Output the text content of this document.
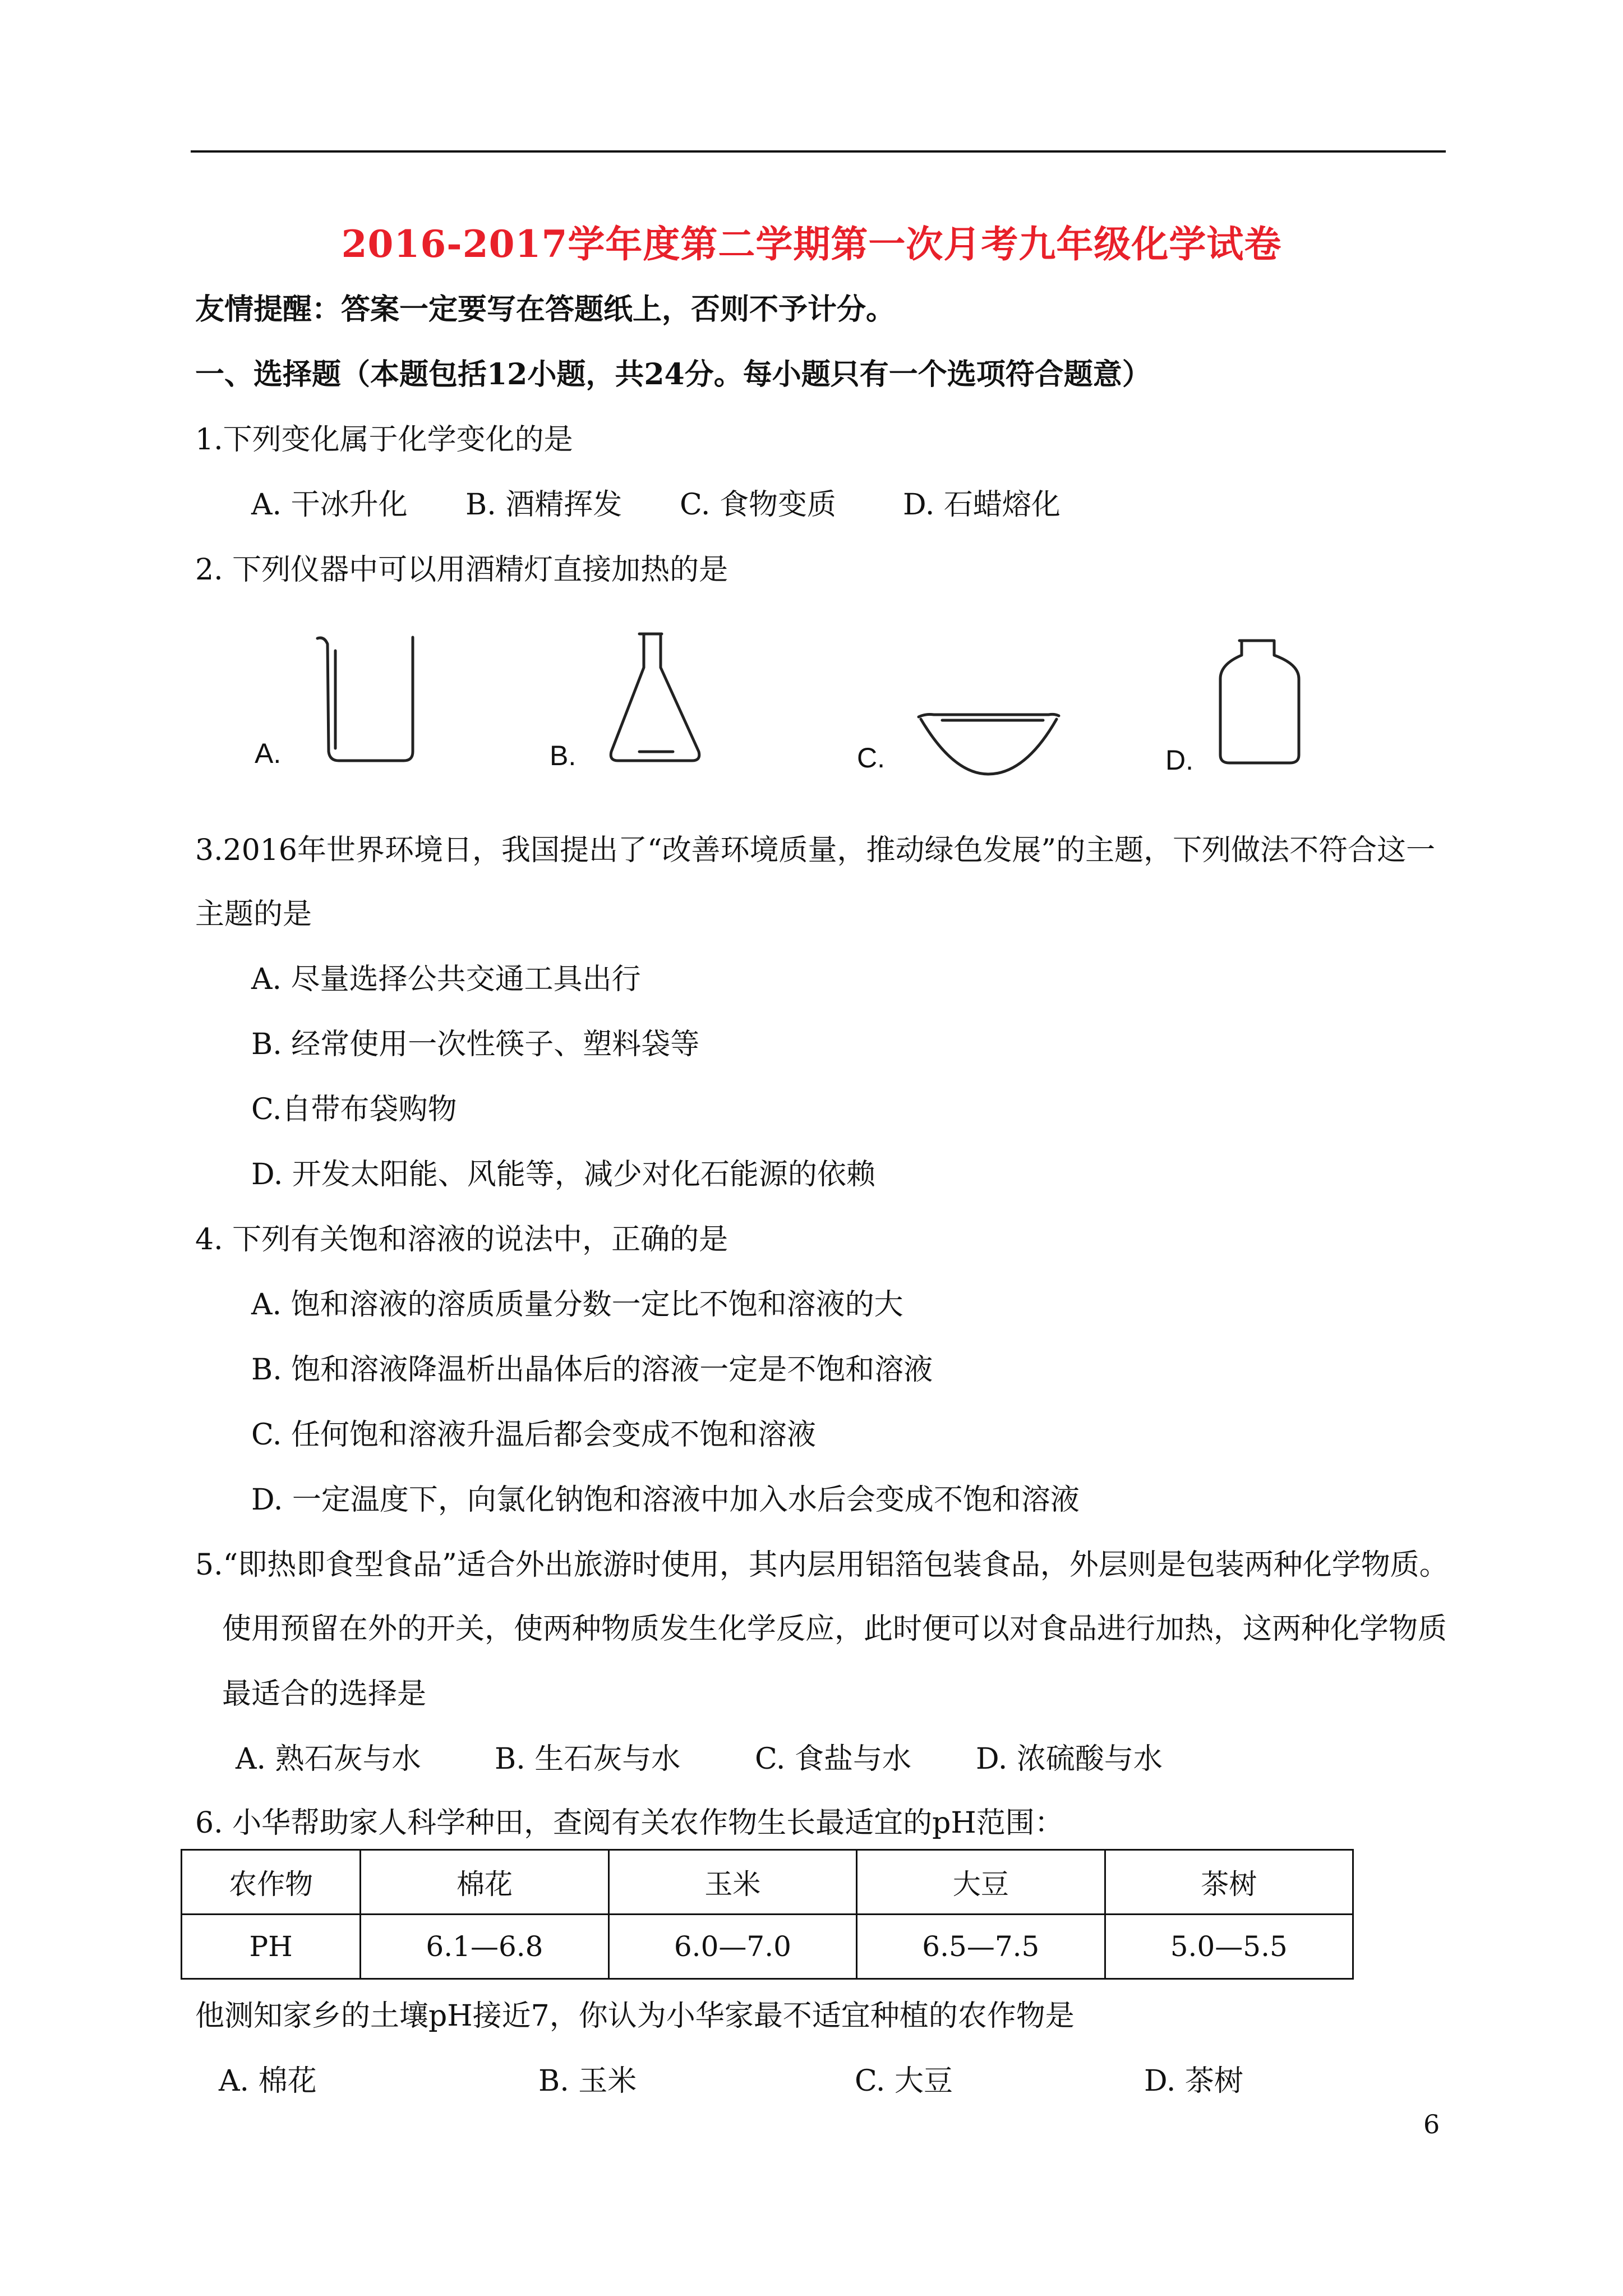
2016-2017学年度第二学期第一次月考九年级化学试卷
友情提醒：答案一定要写在答题纸上，否则不予计分。
一、选择题（本题包括12小题，共24分。每小题只有一个选项符合题意）
1.下列变化属于化学变化的是
A. 干冰升化 B. 酒精挥发 C. 食物变质 D. 石蜡熔化
2. 下列仪器中可以用酒精灯直接加热的是
A.	B.	C.	D.
3.2016年世界环境日，我国提出了“改善环境质量，推动绿色发展”的主题，下列做法不符合这一
主题的是
A. 尽量选择公共交通工具出行
B. 经常使用一次性筷子、塑料袋等
C.自带布袋购物
D. 开发太阳能、风能等，减少对化石能源的依赖
4. 下列有关饱和溶液的说法中，正确的是
A. 饱和溶液的溶质质量分数一定比不饱和溶液的大
B. 饱和溶液降温析出晶体后的溶液一定是不饱和溶液
C. 任何饱和溶液升温后都会变成不饱和溶液
D. 一定温度下，向氯化钠饱和溶液中加入水后会变成不饱和溶液
5.“即热即食型食品”适合外出旅游时使用，其内层用铝箔包装食品，外层则是包装两种化学物质。
使用预留在外的开关，使两种物质发生化学反应，此时便可以对食品进行加热，这两种化学物质
最适合的选择是
A. 熟石灰与水	B. 生石灰与水	C. 食盐与水 D. 浓硫酸与水
6. 小华帮助家人科学种田，查阅有关农作物生长最适宜的pH范围：
农作物	棉花	玉米	大豆	茶树
PH	6.1—6.8	6.0—7.0	6.5—7.5	5.0—5.5
他测知家乡的土壤pH接近7，你认为小华家最不适宜种植的农作物是
A. 棉花	B. 玉米	C. 大豆	D. 茶树
6
